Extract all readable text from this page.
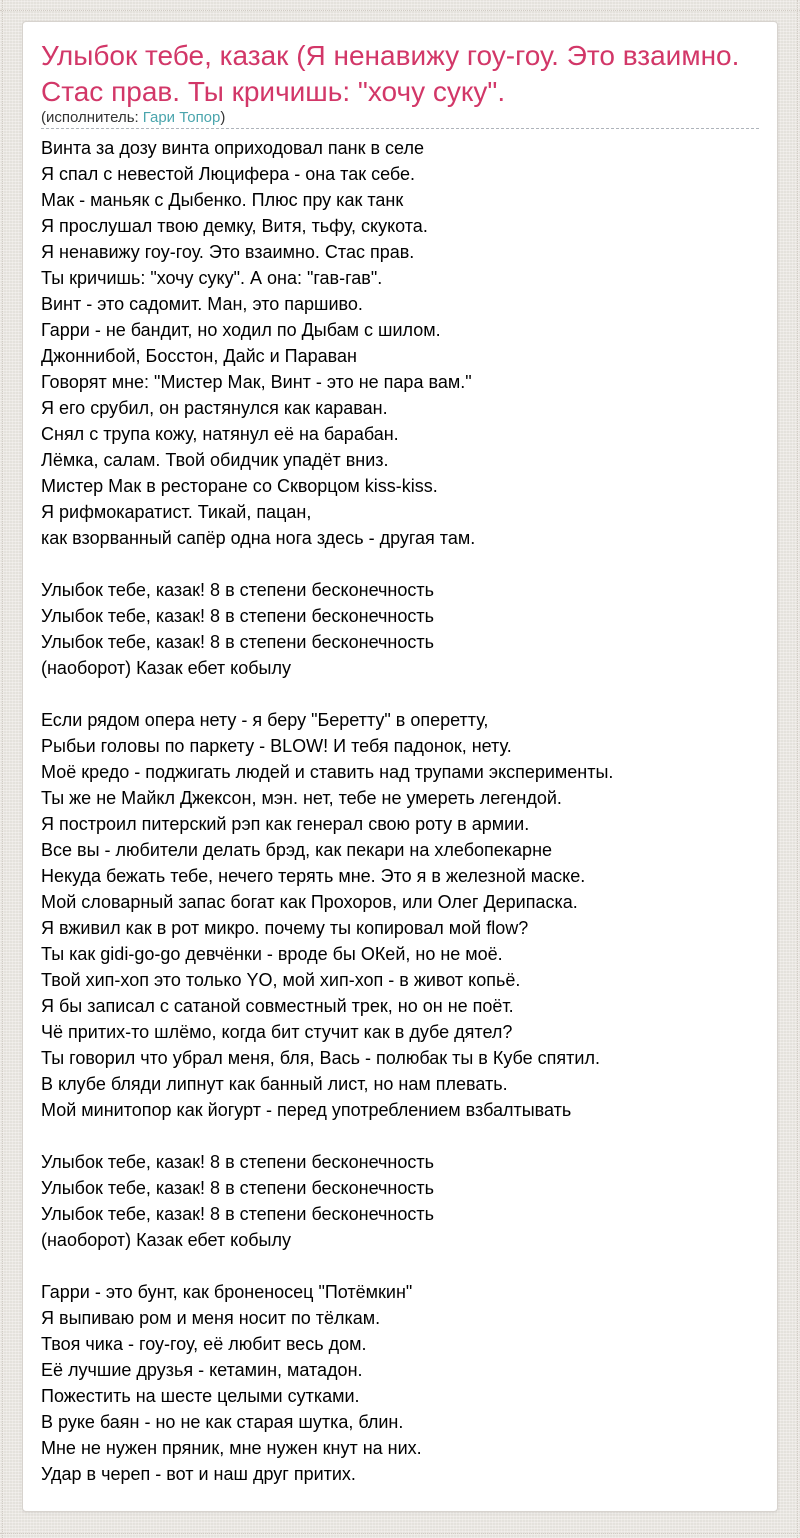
Улыбок тебе, казак (Я ненавижу гоу-гоу. Это взаимно. Стас прав. Ты кричишь: "хочу суку".

(исполнитель: Гари Топор)

Винта за дозу винта оприходовал панк в селе
Я спал с невестой Люцифера - она так себе.
Мак - маньяк с Дыбенко. Плюс пру как танк
Я прослушал твою демку, Витя, тьфу, скукота.
Я ненавижу гоу-гоу. Это взаимно. Стас прав.
Ты кричишь: "хочу суку". А она: "гав-гав".
Винт - это садомит. Ман, это паршиво.
Гарри - не бандит, но ходил по Дыбам с шилом.
Джоннибой, Босстон, Дайс и Параван
Говорят мне: "Мистер Мак, Винт - это не пара вам."
Я его срубил, он растянулся как караван.
Снял с трупа кожу, натянул её на барабан.
Лёмка, салам. Твой обидчик упадёт вниз.
Мистер Мак в ресторане со Скворцом kiss-kiss.
Я рифмокаратист. Тикай, пацан,
как взорванный сапёр одна нога здесь - другая там.
Улыбок тебе, казак! 8 в степени бесконечность
Улыбок тебе, казак! 8 в степени бесконечность
Улыбок тебе, казак! 8 в степени бесконечность
(наоборот) Казак ебет кобылу
Если рядом опера нету - я беру "Беретту" в оперетту,
Рыбьи головы по паркету - BLOW! И тебя падонок, нету.
Моё кредо - поджигать людей и ставить над трупами эксперименты.
Ты же не Майкл Джексон, мэн. нет, тебе не умереть легендой.
Я построил питерский рэп как генерал свою роту в армии.
Все вы - любители делать брэд, как пекари на хлебопекарне
Некуда бежать тебе, нечего терять мне. Это я в железной маске.
Мой словарный запас богат как Прохоров, или Олег Дерипаска.
Я вживил как в рот микро. почему ты копировал мой flow?
Ты как gidi-go-go девчёнки - вроде бы ОКей, но не моё.
Твой хип-хоп это только YO, мой хип-хоп - в живот копьё.
Я бы записал с сатаной совместный трек, но он не поёт.
Чё притих-то шлёмо, когда бит стучит как в дубе дятел?
Ты говорил что убрал меня, бля, Вась - полюбак ты в Кубе спятил.
В клубе бляди липнут как банный лист, но нам плевать.
Мой минитопор как йогурт - перед употреблением взбалтывать
Улыбок тебе, казак! 8 в степени бесконечность
Улыбок тебе, казак! 8 в степени бесконечность
Улыбок тебе, казак! 8 в степени бесконечность
(наоборот) Казак ебет кобылу
Гарри - это бунт, как броненосец "Потёмкин"
Я выпиваю ром и меня носит по тёлкам.
Твоя чика - гоу-гоу, её любит весь дом.
Её лучшие друзья - кетамин, матадон.
Пожестить на шесте целыми сутками.
В руке баян - но не как старая шутка, блин.
Мне не нужен пряник, мне нужен кнут на них.
Удар в череп - вот и наш друг притих.
